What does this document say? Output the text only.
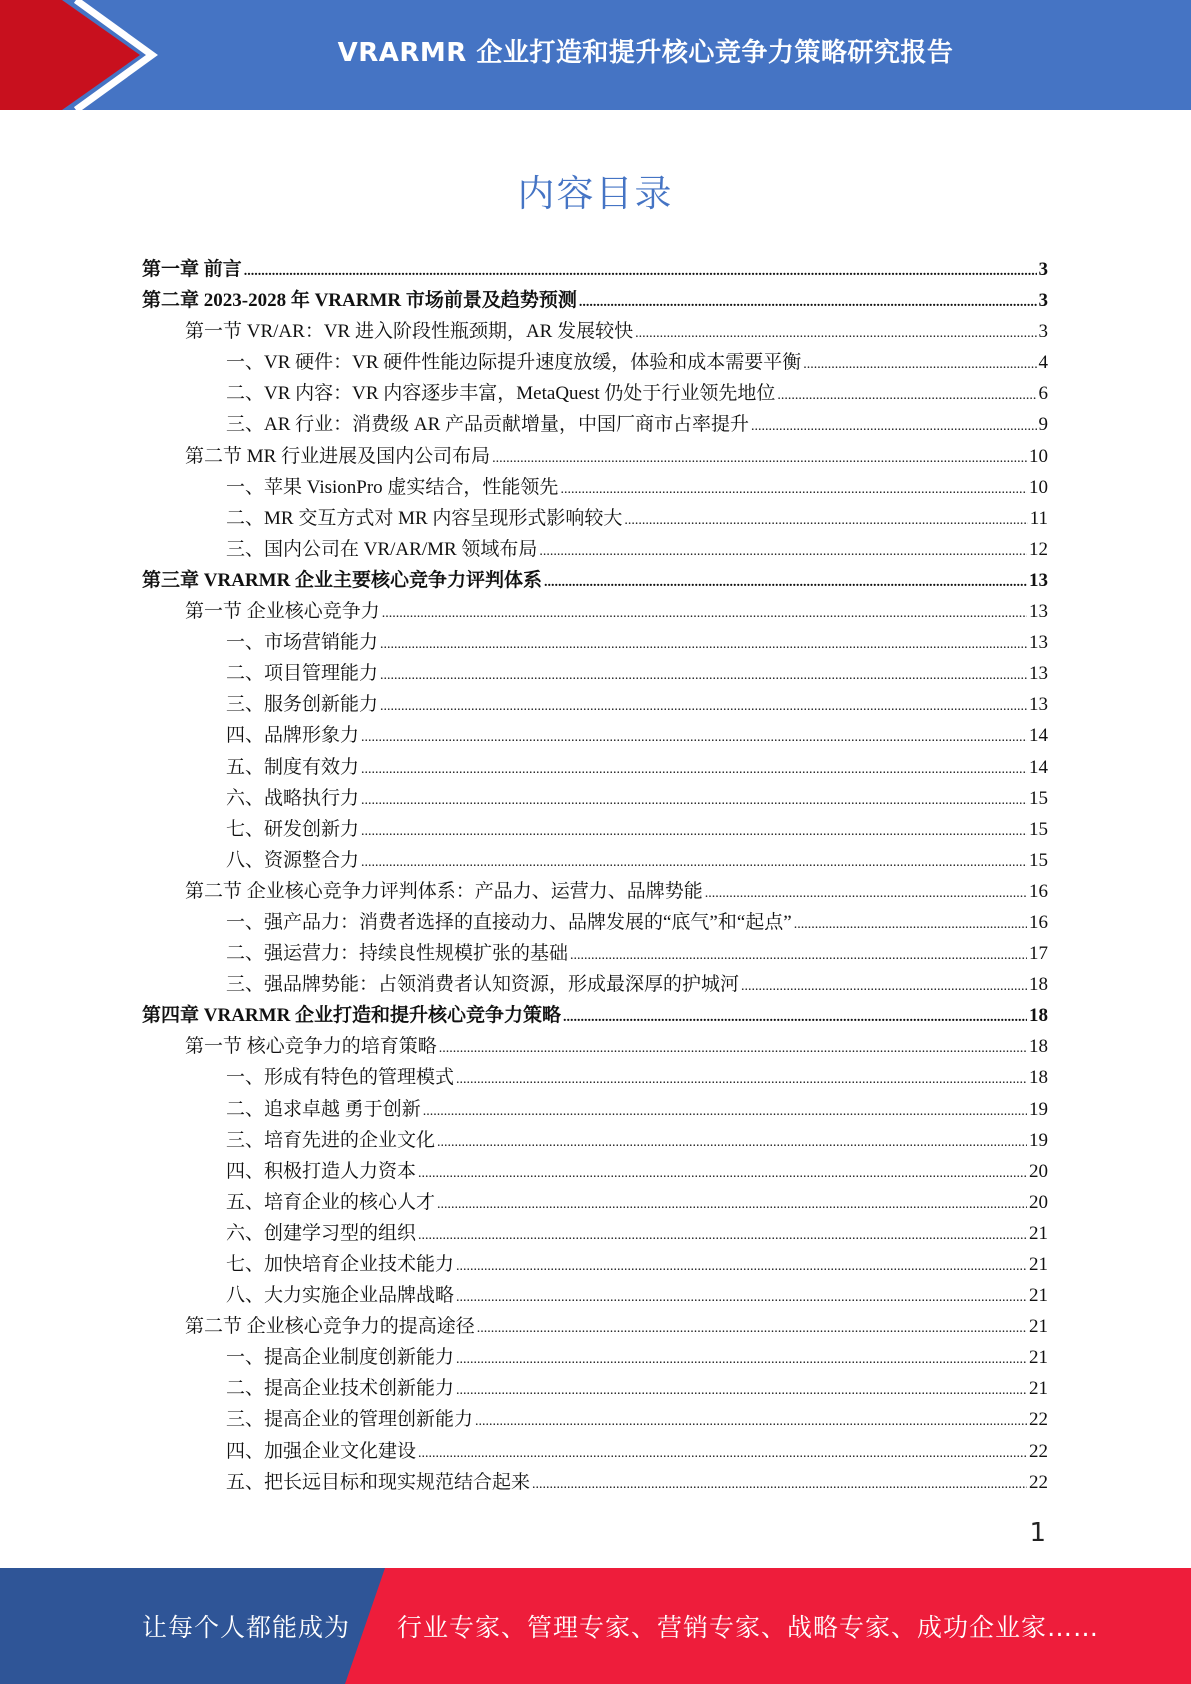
VRARMR 企业打造和提升核心竞争力策略研究报告
内容目录
第一章 前言 .....	3
第二章 2023-2028 年 VRARMR 市场前景及趋势预测 .....	3
第一节 VR/AR：VR 进入阶段性瓶颈期，AR 发展较快 .....	3
一、VR 硬件：VR 硬件性能边际提升速度放缓，体验和成本需要平衡 .....	4
二、VR 内容：VR 内容逐步丰富，MetaQuest 仍处于行业领先地位 .....	6
三、AR 行业：消费级 AR 产品贡献增量，中国厂商市占率提升 .....	9
第二节 MR 行业进展及国内公司布局 .....	10
一、苹果 VisionPro 虚实结合，性能领先 .....	10
二、MR 交互方式对 MR 内容呈现形式影响较大 .....	11
三、国内公司在 VR/AR/MR 领域布局 .....	12
第三章 VRARMR 企业主要核心竞争力评判体系 .....	13
第一节 企业核心竞争力 .....	13
一、市场营销能力 .....	13
二、项目管理能力 .....	13
三、服务创新能力 .....	13
四、品牌形象力 .....	14
五、制度有效力 .....	14
六、战略执行力 .....	15
七、研发创新力 .....	15
八、资源整合力 .....	15
第二节 企业核心竞争力评判体系：产品力、运营力、品牌势能 .....	16
一、强产品力：消费者选择的直接动力、品牌发展的“底气”和“起点” .....	16
二、强运营力：持续良性规模扩张的基础 .....	17
三、强品牌势能：占领消费者认知资源，形成最深厚的护城河 .....	18
第四章 VRARMR 企业打造和提升核心竞争力策略 .....	18
第一节 核心竞争力的培育策略 .....	18
一、形成有特色的管理模式 .....	18
二、追求卓越 勇于创新 .....	19
三、培育先进的企业文化 .....	19
四、积极打造人力资本 .....	20
五、培育企业的核心人才 .....	20
六、创建学习型的组织 .....	21
七、加快培育企业技术能力 .....	21
八、大力实施企业品牌战略 .....	21
第二节 企业核心竞争力的提高途径 .....	21
一、提高企业制度创新能力 .....	21
二、提高企业技术创新能力 .....	21
三、提高企业的管理创新能力 .....	22
四、加强企业文化建设 .....	22
五、把长远目标和现实规范结合起来 .....	22
1
让每个人都能成为 行业专家、管理专家、营销专家、战略专家、成功企业家……
